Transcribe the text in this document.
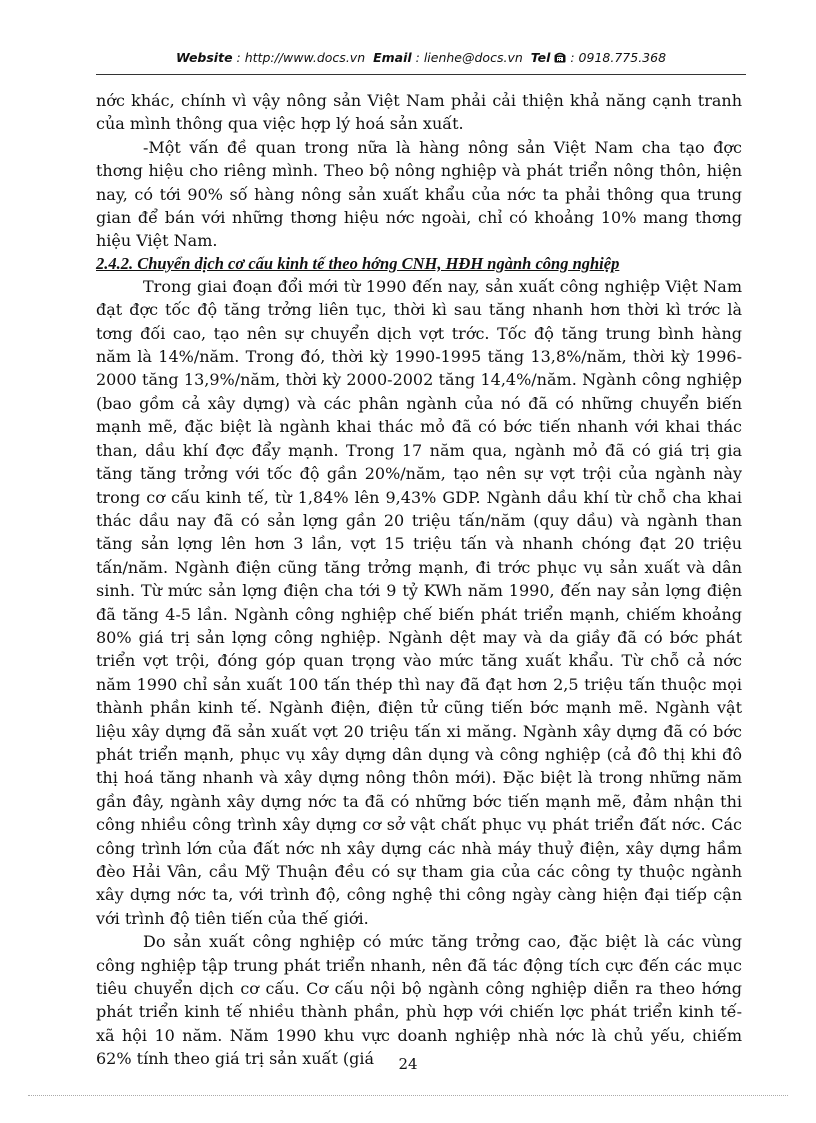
Website : http://www.docs.vn Email : lienhe@docs.vn Tel : 0918.775.368

nớc khác, chính vì vậy nông sản Việt Nam phải cải thiện khả năng cạnh tranh của mình thông qua việc hợp lý hoá sản xuất.

-Một vấn đề quan trong nữa là hàng nông sản Việt Nam cha tạo đợc thơng hiệu cho riêng mình. Theo bộ nông nghiệp và phát triển nông thôn, hiện nay, có tới 90% số hàng nông sản xuất khẩu của nớc ta phải thông qua trung gian để bán với những thơng hiệu nớc ngoài, chỉ có khoảng 10% mang thơng hiệu Việt Nam.

2.4.2. Chuyển dịch cơ cấu kinh tế theo hớng CNH, HĐH ngành công nghiệp

Trong giai đoạn đổi mới từ 1990 đến nay, sản xuất công nghiệp Việt Nam đạt đợc tốc độ tăng trởng liên tục, thời kì sau tăng nhanh hơn thời kì trớc là tơng đối cao, tạo nên sự chuyển dịch vợt trớc. Tốc độ tăng trung bình hàng năm là 14%/năm. Trong đó, thời kỳ 1990-1995 tăng 13,8%/năm, thời kỳ 1996-2000 tăng 13,9%/năm, thời kỳ 2000-2002 tăng 14,4%/năm. Ngành công nghiệp (bao gồm cả xây dựng) và các phân ngành của nó đã có những chuyển biến mạnh mẽ, đặc biệt là ngành khai thác mỏ đã có bớc tiến nhanh với khai thác than, dầu khí đợc đẩy mạnh. Trong 17 năm qua, ngành mỏ đã có giá trị gia tăng tăng trởng với tốc độ gần 20%/năm, tạo nên sự vợt trội của ngành này trong cơ cấu kinh tế, từ 1,84% lên 9,43% GDP. Ngành dầu khí từ chỗ cha khai thác dầu nay đã có sản lợng gần 20 triệu tấn/năm (quy dầu) và ngành than tăng sản lợng lên hơn 3 lần, vợt 15 triệu tấn và nhanh chóng đạt 20 triệu tấn/năm. Ngành điện cũng tăng trởng mạnh, đi trớc phục vụ sản xuất và dân sinh. Từ mức sản lợng điện cha tới 9 tỷ KWh năm 1990, đến nay sản lợng điện đã tăng 4-5 lần. Ngành công nghiệp chế biến phát triển mạnh, chiếm khoảng 80% giá trị sản lợng công nghiệp. Ngành dệt may và da giầy đã có bớc phát triển vợt trội, đóng góp quan trọng vào mức tăng xuất khẩu. Từ chỗ cả nớc năm 1990 chỉ sản xuất 100 tấn thép thì nay đã đạt hơn 2,5 triệu tấn thuộc mọi thành phần kinh tế. Ngành điện, điện tử cũng tiến bớc mạnh mẽ. Ngành vật liệu xây dựng đã sản xuất vợt 20 triệu tấn xi măng. Ngành xây dựng đã có bớc phát triển mạnh, phục vụ xây dựng dân dụng và công nghiệp (cả đô thị khi đô thị hoá tăng nhanh và xây dựng nông thôn mới). Đặc biệt là trong những năm gần đây, ngành xây dựng nớc ta đã có những bớc tiến mạnh mẽ, đảm nhận thi công nhiều công trình xây dựng cơ sở vật chất phục vụ phát triển đất nớc. Các công trình lớn của đất nớc nh xây dựng các nhà máy thuỷ điện, xây dựng hầm đèo Hải Vân, cầu Mỹ Thuận đều có sự tham gia của các công ty thuộc ngành xây dựng nớc ta, với trình độ, công nghệ thi công ngày càng hiện đại tiếp cận với trình độ tiên tiến của thế giới.

Do sản xuất công nghiệp có mức tăng trởng cao, đặc biệt là các vùng công nghiệp tập trung phát triển nhanh, nên đã tác động tích cực đến các mục tiêu chuyển dịch cơ cấu. Cơ cấu nội bộ ngành công nghiệp diễn ra theo hớng phát triển kinh tế nhiều thành phần, phù hợp với chiến lợc phát triển kinh tế- xã hội 10 năm. Năm 1990 khu vực doanh nghiệp nhà nớc là chủ yếu, chiếm 62% tính theo giá trị sản xuất (giá	24
